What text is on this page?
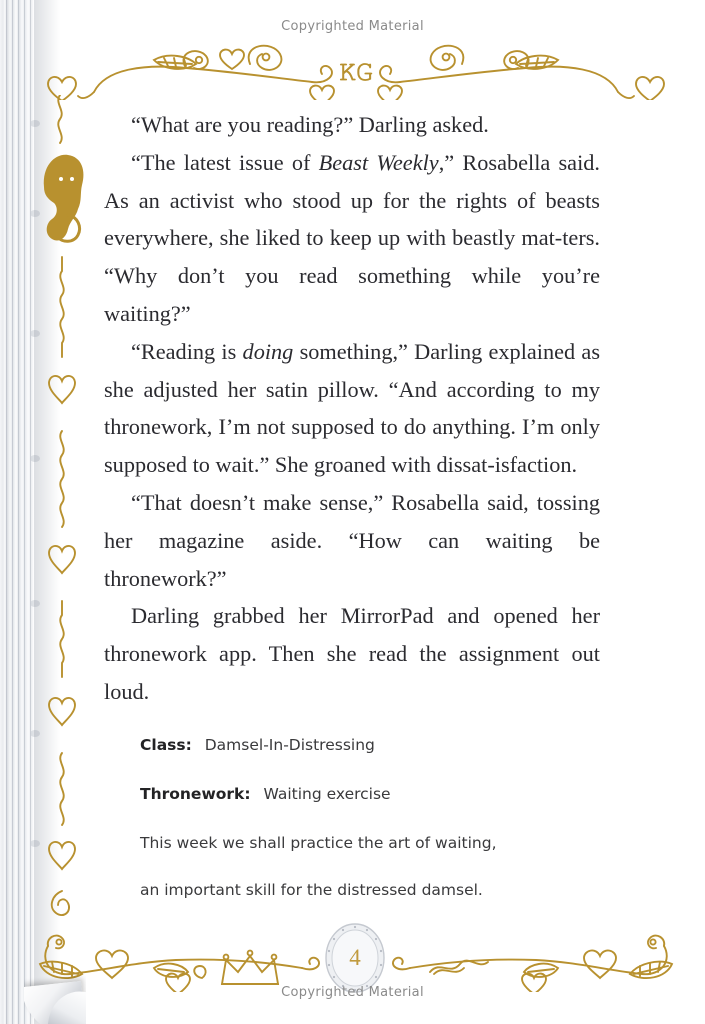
Copyrighted Material
𝙺𝙶

“What are you reading?” Darling asked.

“The latest issue of Beast Weekly,” Rosabella said. As an activist who stood up for the rights of beasts everywhere, she liked to keep up with beastly mat‐ters. “Why don’t you read something while you’re waiting?”

“Reading is doing something,” Darling explained as she adjusted her satin pillow. “And according to my thronework, I’m not supposed to do anything. I’m only supposed to wait.” She groaned with dissat‐isfaction.

“That doesn’t make sense,” Rosabella said, tossing her magazine aside. “How can waiting be thronework?”

Darling grabbed her MirrorPad and opened her thronework app. Then she read the assignment out loud.

Class: Damsel-In-Distressing
Thronework: Waiting exercise
This week we shall practice the art of waiting,
an important skill for the distressed damsel.
4
Copyrighted Material
